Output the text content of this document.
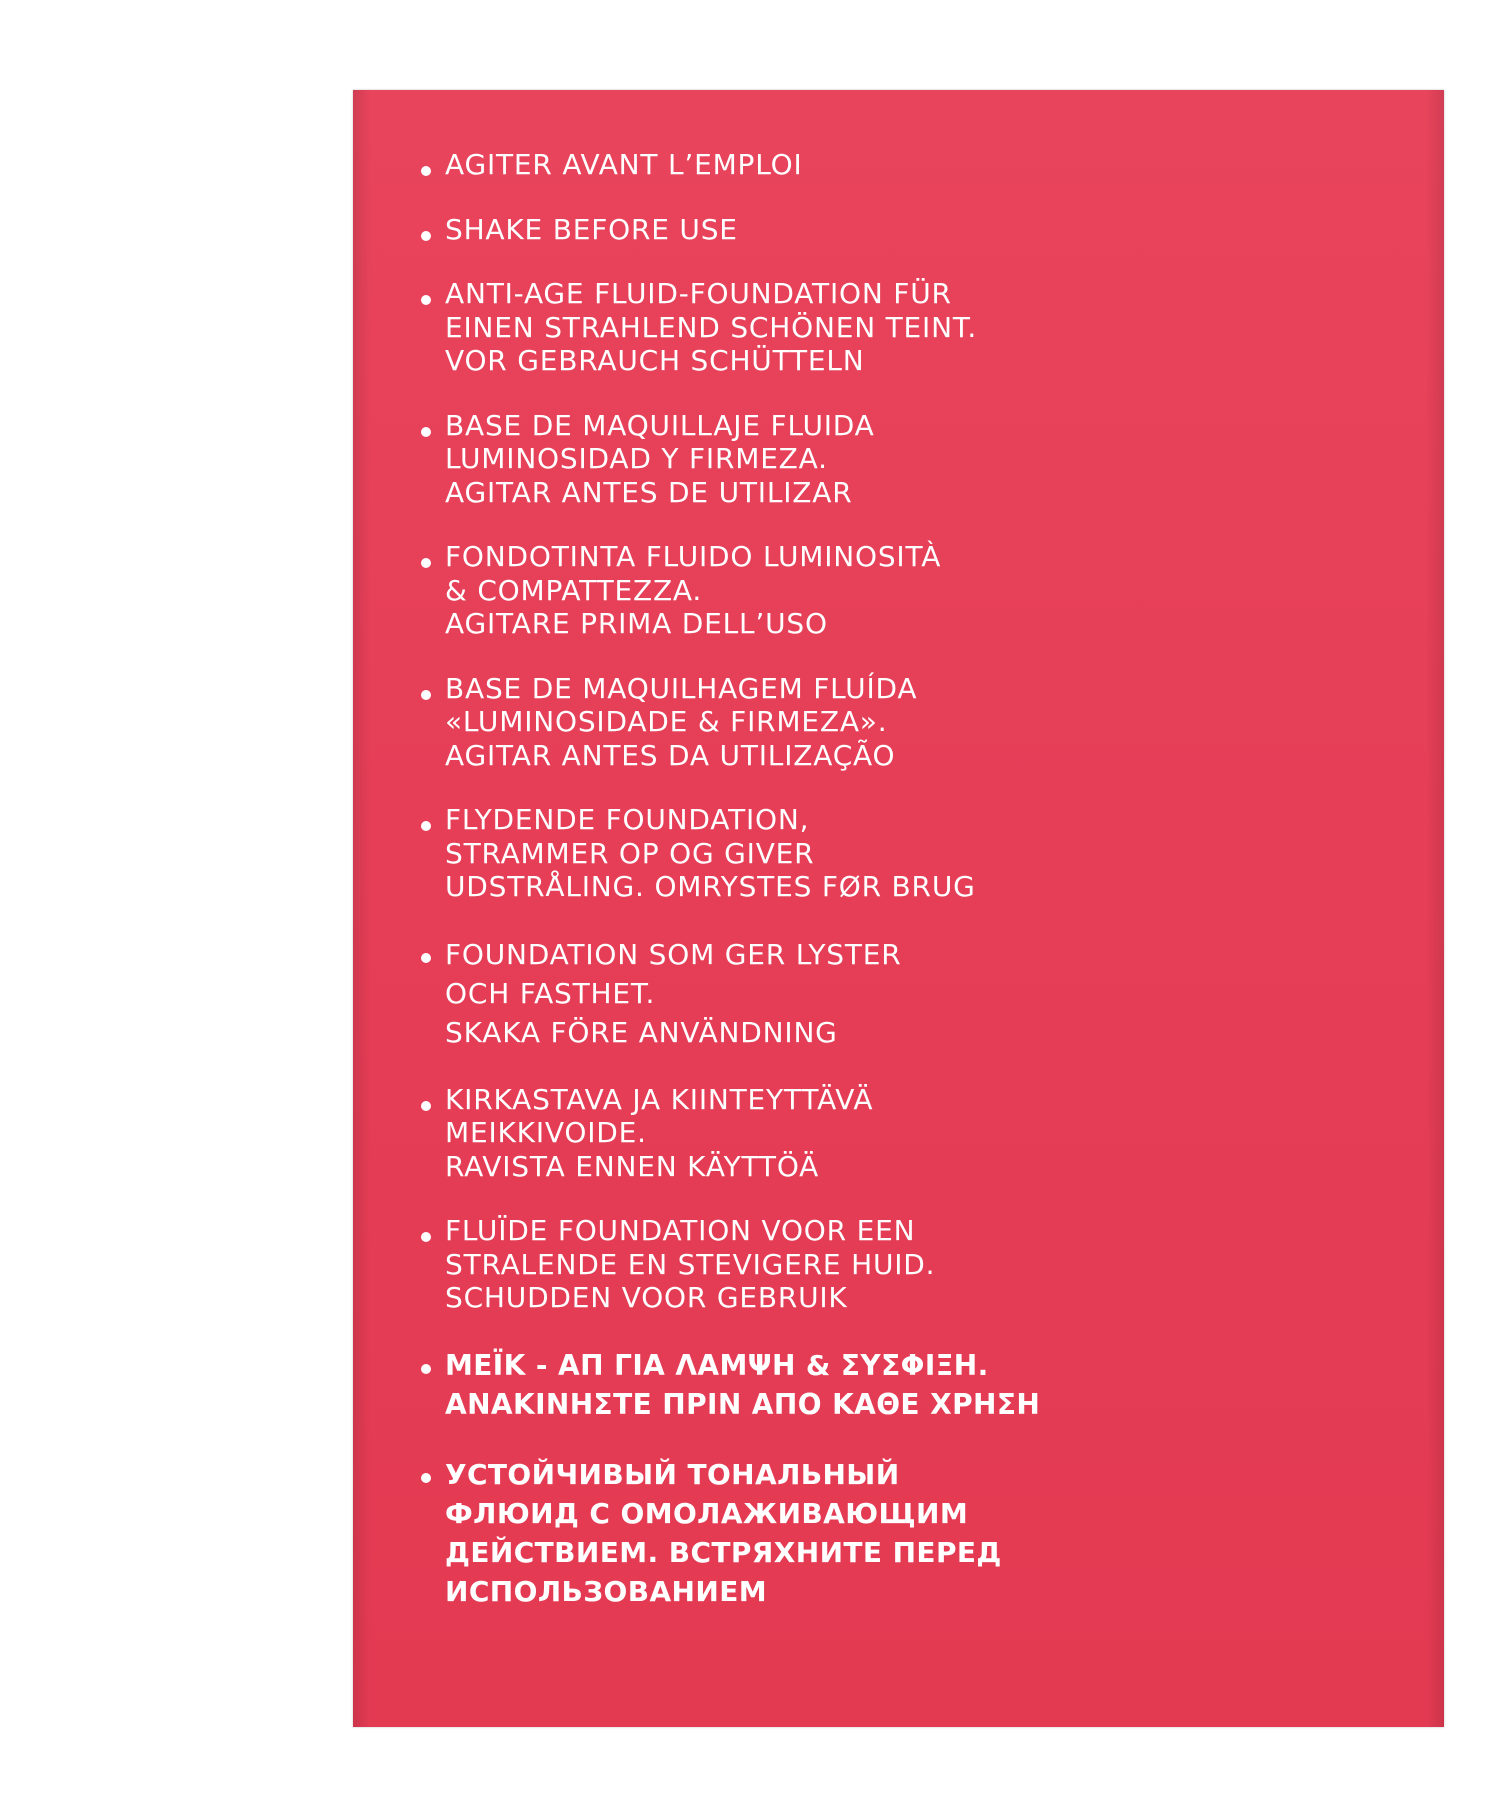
AGITER AVANT L’EMPLOI
SHAKE BEFORE USE
ANTI-AGE FLUID-FOUNDATION FÜR
EINEN STRAHLEND SCHÖNEN TEINT.
VOR GEBRAUCH SCHÜTTELN
BASE DE MAQUILLAJE FLUIDA
LUMINOSIDAD Y FIRMEZA.
AGITAR ANTES DE UTILIZAR
FONDOTINTA FLUIDO LUMINOSITÀ
& COMPATTEZZA.
AGITARE PRIMA DELL’USO
BASE DE MAQUILHAGEM FLUÍDA
«LUMINOSIDADE & FIRMEZA».
AGITAR ANTES DA UTILIZAÇÃO
FLYDENDE FOUNDATION,
STRAMMER OP OG GIVER
UDSTRÅLING. OMRYSTES FØR BRUG
FOUNDATION SOM GER LYSTER
OCH FASTHET.
SKAKA FÖRE ANVÄNDNING
KIRKASTAVA JA KIINTEYTTÄVÄ
MEIKKIVOIDE.
RAVISTA ENNEN KÄYTTÖÄ
FLUÏDE FOUNDATION VOOR EEN
STRALENDE EN STEVIGERE HUID.
SCHUDDEN VOOR GEBRUIK
ΜΕΪΚ - ΑΠ ΓΙΑ ΛΑΜΨΗ & ΣΥΣΦΙΞΗ.
ΑΝΑΚΙΝΗΣΤΕ ΠΡΙΝ ΑΠΟ ΚΑΘΕ ΧΡΗΣΗ
УСТОЙЧИВЫЙ ТОНАЛЬНЫЙ
ФЛЮИД С ОМОЛАЖИВАЮЩИМ
ДЕЙСТВИЕМ. ВСТРЯХНИТЕ ПЕРЕД
ИСПОЛЬЗОВАНИЕМ
